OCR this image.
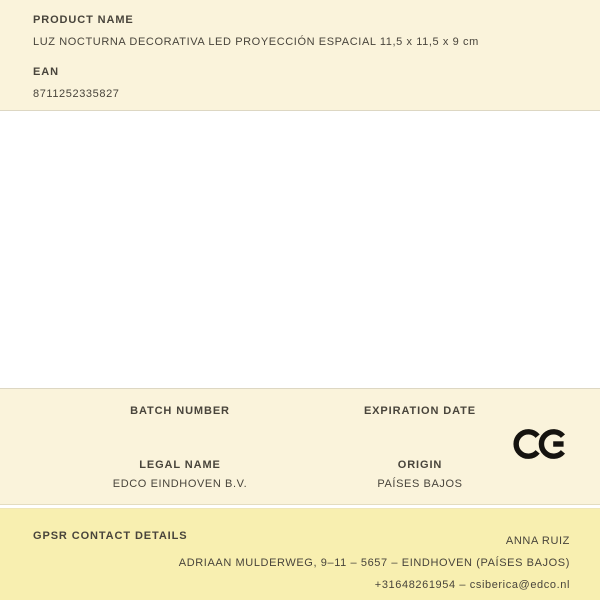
PRODUCT NAME
LUZ NOCTURNA DECORATIVA LED PROYECCIÓN ESPACIAL 11,5 x 11,5 x 9 cm
EAN
8711252335827
BATCH NUMBER	EXPIRATION DATE
LEGAL NAME
EDCO EINDHOVEN B.V.
ORIGIN
PAÍSES BAJOS
GPSR CONTACT DETAILS	ANNA RUIZ
ADRIAAN MULDERWEG, 9–11 – 5657 – EINDHOVEN (PAÍSES BAJOS)
+31648261954 – csiberica@edco.nl
